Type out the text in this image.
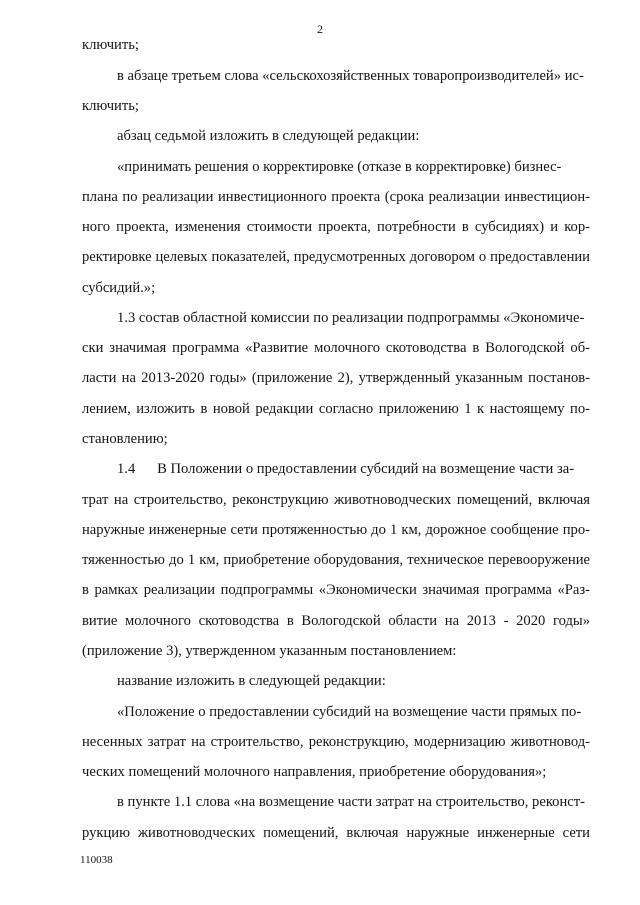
2
ключить;
в абзаце третьем слова «сельскохозяйственных товаропроизводителей» ис-
ключить;
абзац седьмой изложить в следующей редакции:
«принимать решения о корректировке (отказе в корректировке) бизнес-
плана по реализации инвестиционного проекта (срока реализации инвестицион-
ного проекта, изменения стоимости проекта, потребности в субсидиях) и кор-
ректировке целевых показателей, предусмотренных договором о предоставлении
субсидий.»;
1.3 состав областной комиссии по реализации подпрограммы «Экономиче-
ски значимая программа «Развитие молочного скотоводства в Вологодской об-
ласти на 2013-2020 годы» (приложение 2), утвержденный указанным постанов-
лением, изложить в новой редакции согласно приложению 1 к настоящему по-
становлению;
1.4      В Положении о предоставлении субсидий на возмещение части за-
трат на строительство, реконструкцию животноводческих помещений, включая
наружные инженерные сети протяженностью до 1 км, дорожное сообщение про-
тяженностью до 1 км, приобретение оборудования, техническое перевооружение
в рамках реализации подпрограммы «Экономически значимая программа «Раз-
витие молочного скотоводства в Вологодской области на 2013 - 2020 годы»
(приложение 3), утвержденном указанным постановлением:
название изложить в следующей редакции:
«Положение о предоставлении субсидий на возмещение части прямых по-
несенных затрат на строительство, реконструкцию, модернизацию животновод-
ческих помещений молочного направления, приобретение оборудования»;
в пункте 1.1 слова «на возмещение части затрат на строительство, реконст-
рукцию животноводческих помещений, включая наружные инженерные сети
110038
